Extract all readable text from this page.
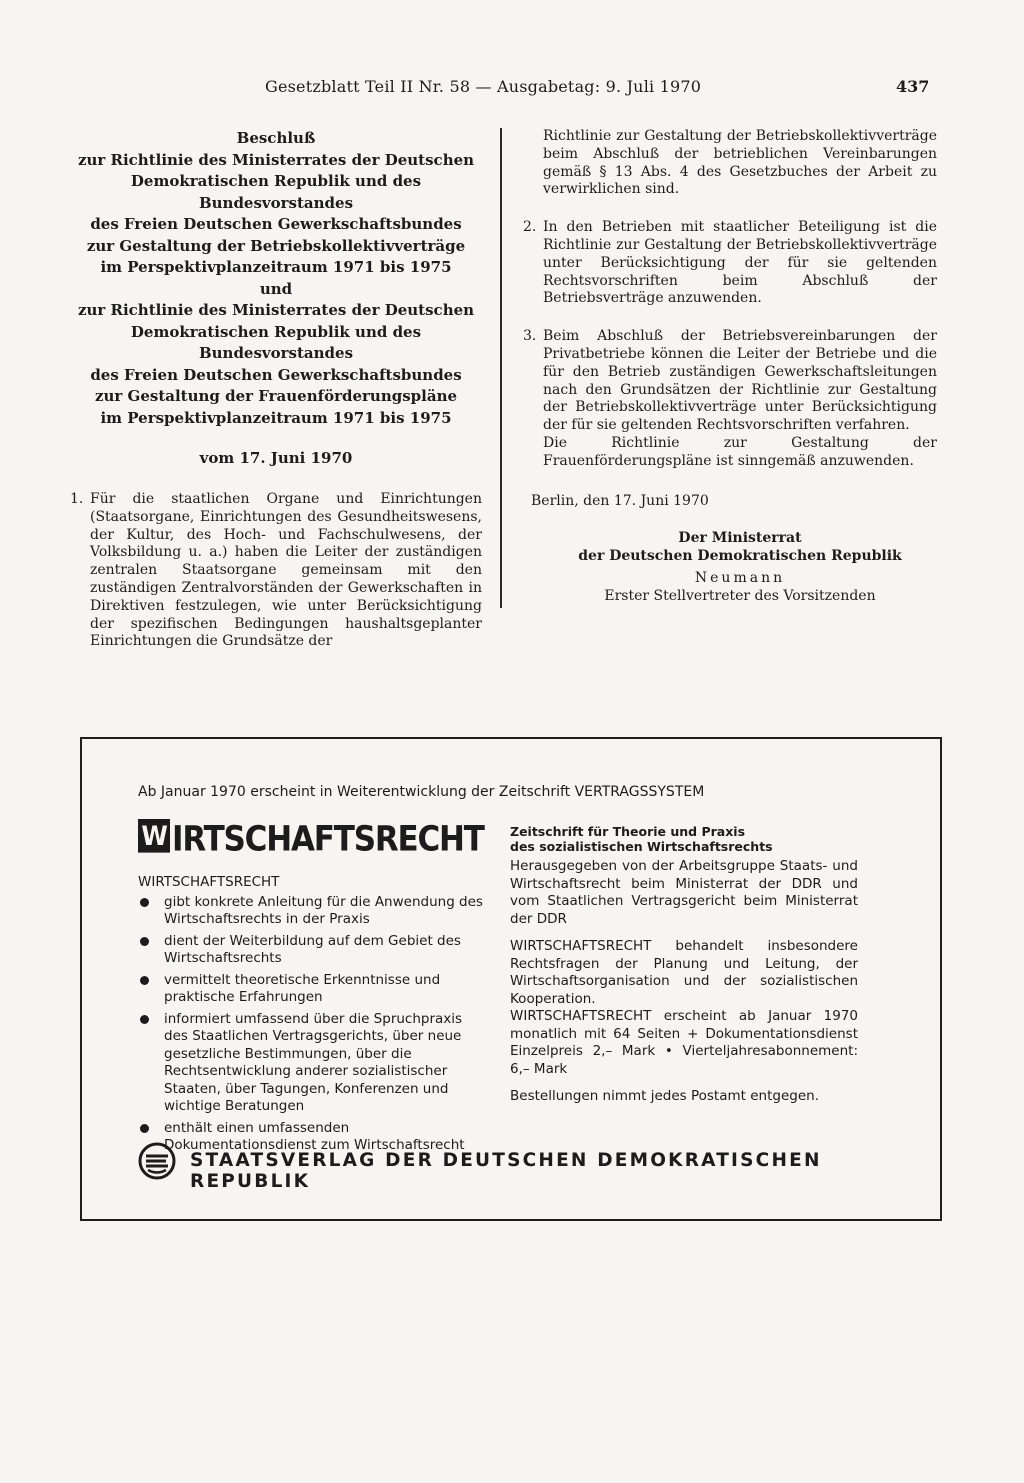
Gesetzblatt Teil II Nr. 58 — Ausgabetag: 9. Juli 1970	437
Beschluß
zur Richtlinie des Ministerrates der Deutschen
Demokratischen Republik und des Bundesvorstandes
des Freien Deutschen Gewerkschaftsbundes
zur Gestaltung der Betriebskollektivverträge
im Perspektivplanzeitraum 1971 bis 1975
und
zur Richtlinie des Ministerrates der Deutschen
Demokratischen Republik und des Bundesvorstandes
des Freien Deutschen Gewerkschaftsbundes
zur Gestaltung der Frauenförderungspläne
im Perspektivplanzeitraum 1971 bis 1975
vom 17. Juni 1970
1. Für die staatlichen Organe und Einrichtungen (Staatsorgane, Einrichtungen des Gesundheitswesens, der Kultur, des Hoch- und Fachschulwesens, der Volksbildung u. a.) haben die Leiter der zuständigen zentralen Staatsorgane gemeinsam mit den zuständigen Zentralvorständen der Gewerkschaften in Direktiven festzulegen, wie unter Berücksichtigung der spezifischen Bedingungen haushaltsgeplanter Einrichtungen die Grundsätze der
Richtlinie zur Gestaltung der Betriebskollektivverträge beim Abschluß der betrieblichen Vereinbarungen gemäß § 13 Abs. 4 des Gesetzbuches der Arbeit zu verwirklichen sind.
2. In den Betrieben mit staatlicher Beteiligung ist die Richtlinie zur Gestaltung der Betriebskollektivverträge unter Berücksichtigung der für sie geltenden Rechtsvorschriften beim Abschluß der Betriebsverträge anzuwenden.
3. Beim Abschluß der Betriebsvereinbarungen der Privatbetriebe können die Leiter der Betriebe und die für den Betrieb zuständigen Gewerkschaftsleitungen nach den Grundsätzen der Richtlinie zur Gestaltung der Betriebskollektivverträge unter Berücksichtigung der für sie geltenden Rechtsvorschriften verfahren.
Die Richtlinie zur Gestaltung der Frauenförderungspläne ist sinngemäß anzuwenden.
Berlin, den 17. Juni 1970
Der Ministerrat
der Deutschen Demokratischen Republik
Neumann
Erster Stellvertreter des Vorsitzenden
Ab Januar 1970 erscheint in Weiterentwicklung der Zeitschrift VERTRAGSSYSTEM
W IRTSCHAFTSRECHT
WIRTSCHAFTSRECHT
gibt konkrete Anleitung für die Anwendung des Wirtschaftsrechts in der Praxis
dient der Weiterbildung auf dem Gebiet des Wirtschaftsrechts
vermittelt theoretische Erkenntnisse und praktische Erfahrungen
informiert umfassend über die Spruchpraxis des Staatlichen Vertragsgerichts, über neue gesetzliche Bestimmungen, über die Rechtsentwicklung anderer sozialistischer Staaten, über Tagungen, Konferenzen und wichtige Beratungen
enthält einen umfassenden Dokumentationsdienst zum Wirtschaftsrecht
Zeitschrift für Theorie und Praxis
des sozialistischen Wirtschaftsrechts

Herausgegeben von der Arbeitsgruppe Staats- und Wirtschaftsrecht beim Ministerrat der DDR und vom Staatlichen Vertragsgericht beim Ministerrat der DDR

WIRTSCHAFTSRECHT behandelt insbesondere Rechtsfragen der Planung und Leitung, der Wirtschaftsorganisation und der sozialistischen Kooperation.

WIRTSCHAFTSRECHT erscheint ab Januar 1970 monatlich mit 64 Seiten + Dokumentationsdienst Einzelpreis 2,– Mark • Vierteljahresabonnement: 6,– Mark

Bestellungen nimmt jedes Postamt entgegen.

STAATSVERLAG DER DEUTSCHEN DEMOKRATISCHEN REPUBLIK
